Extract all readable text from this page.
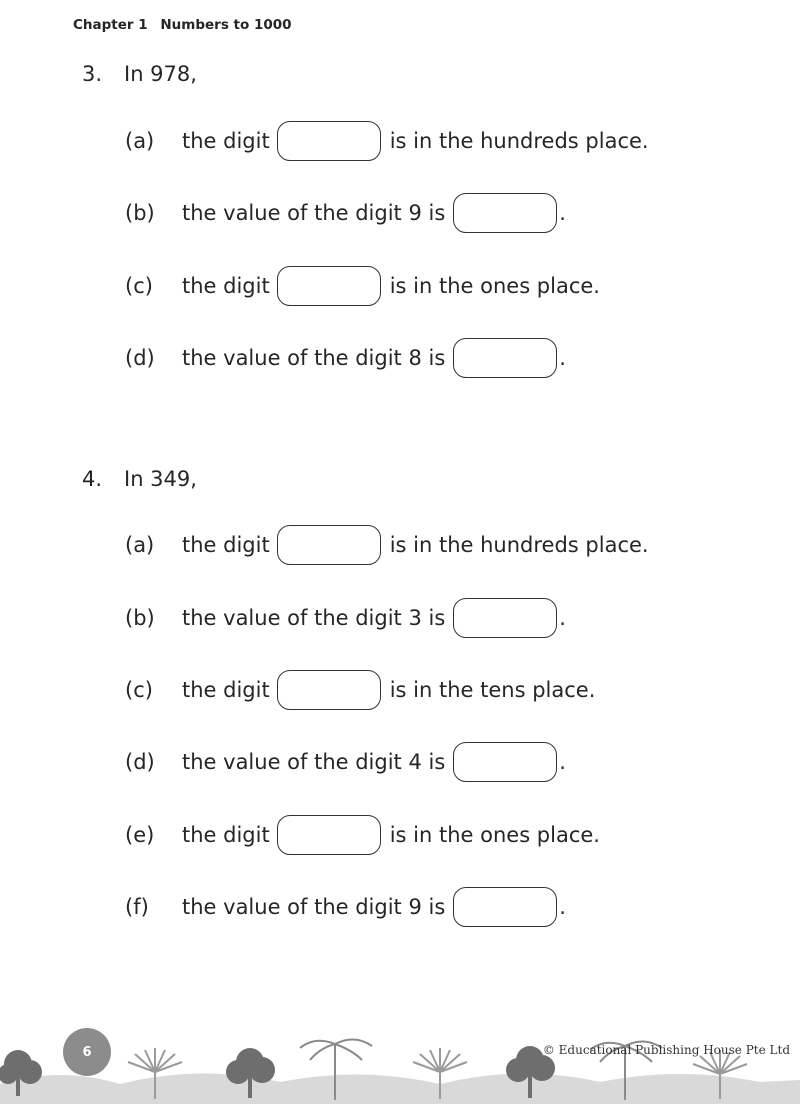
Chapter 1 Numbers to 1000
3. In 978,
(a)	the digit	is in the hundreds place.
(b)	the value of the digit 9 is	.
(c)	the digit	is in the ones place.
(d)	the value of the digit 8 is	.
4. In 349,
(a)	the digit	is in the hundreds place.
(b)	the value of the digit 3 is	.
(c)	the digit	is in the tens place.
(d)	the value of the digit 4 is	.
(e)	the digit	is in the ones place.
(f)	the value of the digit 9 is	.
6	© Educational Publishing House Pte Ltd
